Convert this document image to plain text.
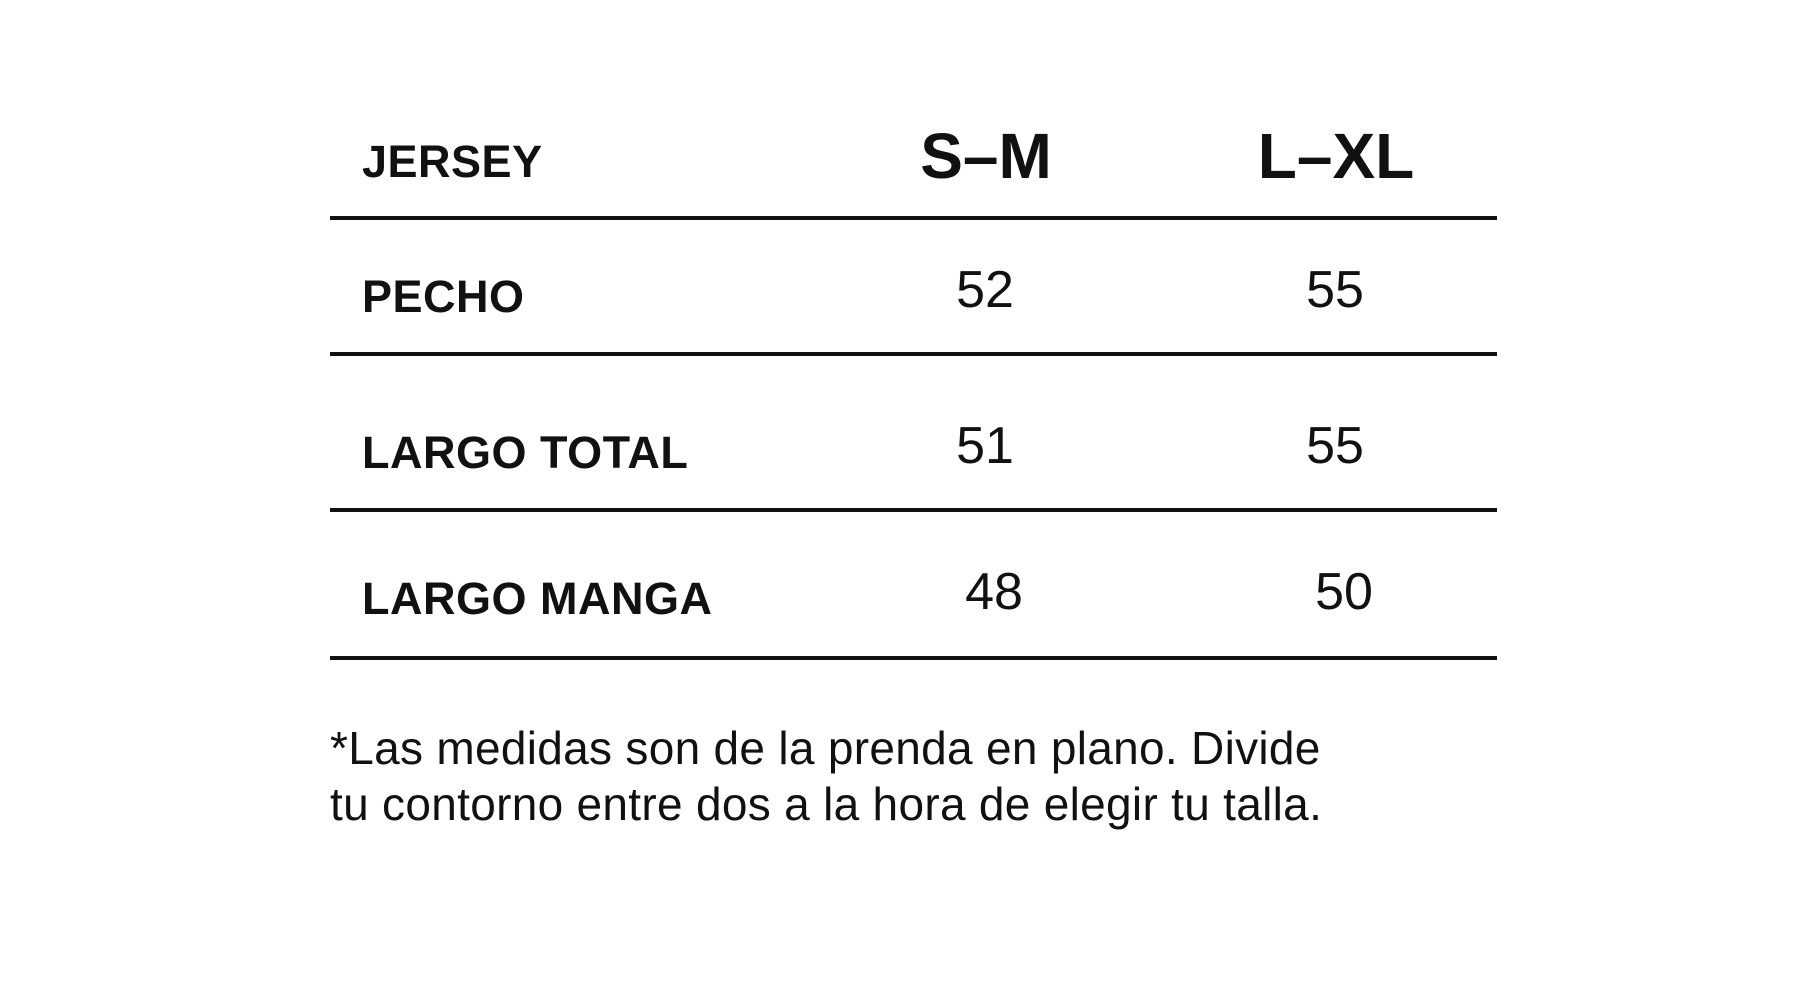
JERSEY	S–M	L–XL
PECHO	52	55
LARGO TOTAL	51	55
LARGO MANGA	48	50
*Las medidas son de la prenda en plano. Divide
tu contorno entre dos a la hora de elegir tu talla.
